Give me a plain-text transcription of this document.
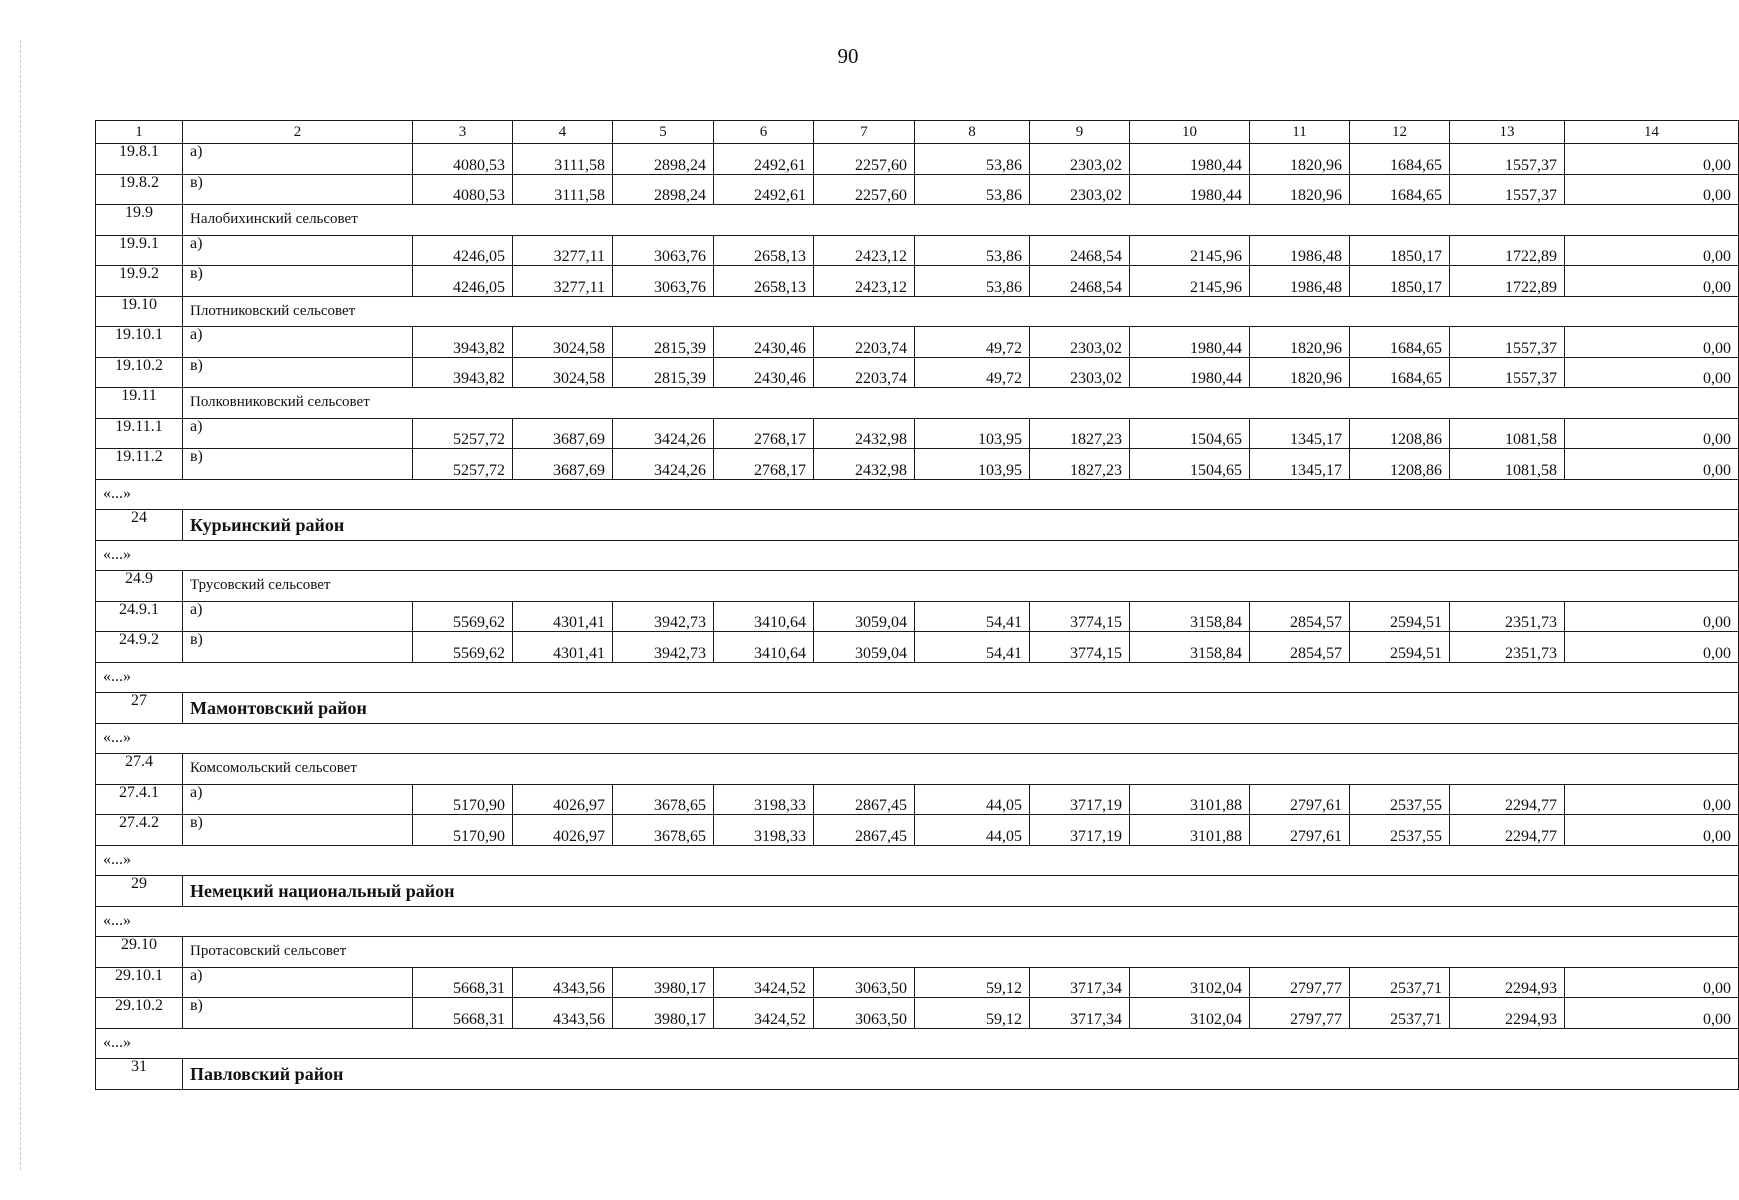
90
1	2	3	4	5	6	7	8	9	10	11	12	13	14
19.8.1	а)	4080,53	3111,58	2898,24	2492,61	2257,60	53,86	2303,02	1980,44	1820,96	1684,65	1557,37	0,00
19.8.2	в)	4080,53	3111,58	2898,24	2492,61	2257,60	53,86	2303,02	1980,44	1820,96	1684,65	1557,37	0,00
19.9	Налобихинский сельсовет												
19.9.1	а)	4246,05	3277,11	3063,76	2658,13	2423,12	53,86	2468,54	2145,96	1986,48	1850,17	1722,89	0,00
19.9.2	в)	4246,05	3277,11	3063,76	2658,13	2423,12	53,86	2468,54	2145,96	1986,48	1850,17	1722,89	0,00
19.10	Плотниковский сельсовет												
19.10.1	а)	3943,82	3024,58	2815,39	2430,46	2203,74	49,72	2303,02	1980,44	1820,96	1684,65	1557,37	0,00
19.10.2	в)	3943,82	3024,58	2815,39	2430,46	2203,74	49,72	2303,02	1980,44	1820,96	1684,65	1557,37	0,00
19.11	Полковниковский сельсовет												
19.11.1	а)	5257,72	3687,69	3424,26	2768,17	2432,98	103,95	1827,23	1504,65	1345,17	1208,86	1081,58	0,00
19.11.2	в)	5257,72	3687,69	3424,26	2768,17	2432,98	103,95	1827,23	1504,65	1345,17	1208,86	1081,58	0,00
«...»													
24	Курьинский район												
«...»													
24.9	Трусовский сельсовет												
24.9.1	а)	5569,62	4301,41	3942,73	3410,64	3059,04	54,41	3774,15	3158,84	2854,57	2594,51	2351,73	0,00
24.9.2	в)	5569,62	4301,41	3942,73	3410,64	3059,04	54,41	3774,15	3158,84	2854,57	2594,51	2351,73	0,00
«...»													
27	Мамонтовский район												
«...»													
27.4	Комсомольский сельсовет												
27.4.1	а)	5170,90	4026,97	3678,65	3198,33	2867,45	44,05	3717,19	3101,88	2797,61	2537,55	2294,77	0,00
27.4.2	в)	5170,90	4026,97	3678,65	3198,33	2867,45	44,05	3717,19	3101,88	2797,61	2537,55	2294,77	0,00
«...»													
29	Немецкий национальный район												
«...»													
29.10	Протасовский сельсовет												
29.10.1	а)	5668,31	4343,56	3980,17	3424,52	3063,50	59,12	3717,34	3102,04	2797,77	2537,71	2294,93	0,00
29.10.2	в)	5668,31	4343,56	3980,17	3424,52	3063,50	59,12	3717,34	3102,04	2797,77	2537,71	2294,93	0,00
«...»													
31	Павловский район												
